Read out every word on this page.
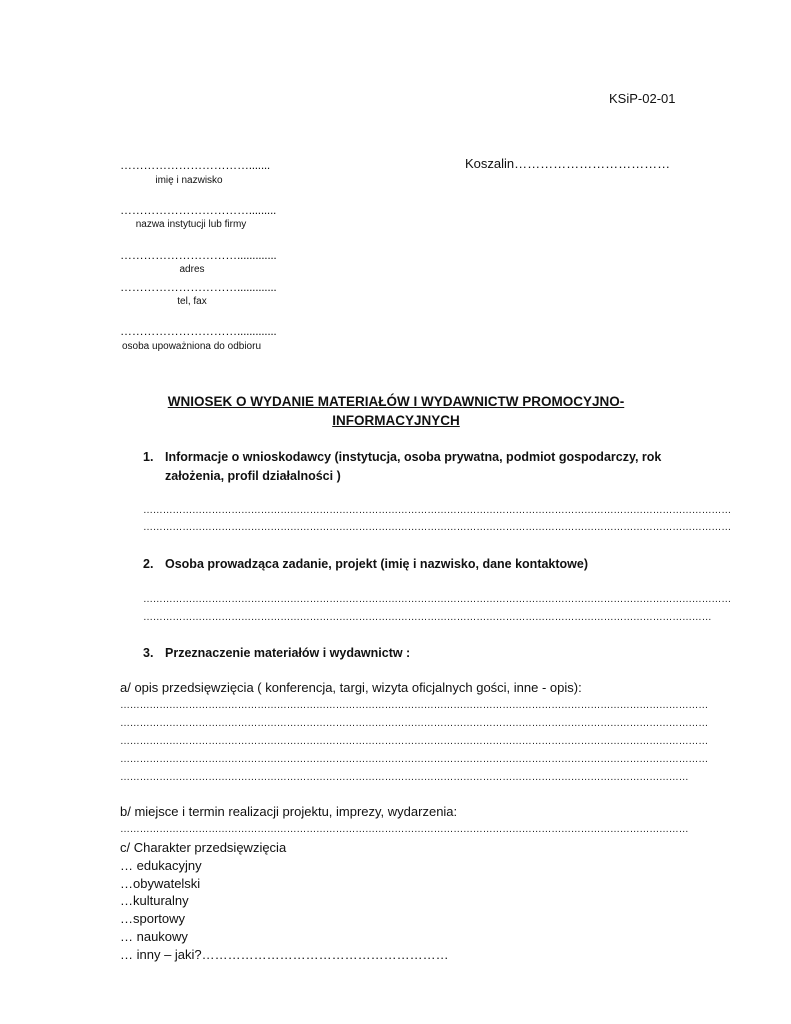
KSiP-02-01
…………………………….......
imię i nazwisko
…………………………….........
nazwa instytucji lub firmy
………………………….............
adres
………………………….............
tel, fax
………………………….............
osoba upoważniona do odbioru
Koszalin………………………………
WNIOSEK O WYDANIE MATERIAŁÓW I WYDAWNICTW PROMOCYJNO-INFORMACYJNYCH
1. Informacje o wnioskodawcy (instytucja, osoba prywatna, podmiot gospodarczy, rok założenia, profil działalności )
………………………………………………………………………………………………………………………………………………………………
………………………………………………………………………………………………………………………………………………………………
2. Osoba prowadząca zadanie, projekt (imię i nazwisko, dane kontaktowe)
………………………………………………………………………………………………………………………………………………………………
…………………………………………………………………………………………………………………………………………………………
3. Przeznaczenie materiałów i wydawnictw :
a/ opis przedsięwzięcia ( konferencja, targi, wizyta oficjalnych gości, inne - opis):
………………………………………………………………………………………………………………………………………………………………
………………………………………………………………………………………………………………………………………………………………
………………………………………………………………………………………………………………………………………………………………
………………………………………………………………………………………………………………………………………………………………
…………………………………………………………………………………………………………………………………………………………
b/ miejsce i termin realizacji projektu, imprezy, wydarzenia:
…………………………………………………………………………………………………………………………………………………………
c/ Charakter przedsięwzięcia
… edukacyjny
…obywatelski
…kulturalny
…sportowy
… naukowy
… inny – jaki?…………………………………………………
